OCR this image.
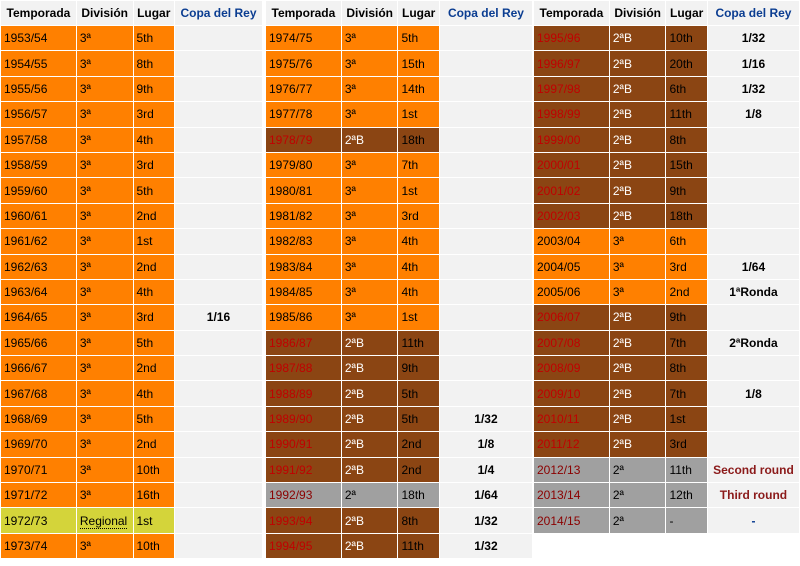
Temporada	División	Lugar	Copa del Rey
1953/54	3ª	5th	
1954/55	3ª	8th	
1955/56	3ª	9th	
1956/57	3ª	3rd	
1957/58	3ª	4th	
1958/59	3ª	3rd	
1959/60	3ª	5th	
1960/61	3ª	2nd	
1961/62	3ª	1st	
1962/63	3ª	2nd	
1963/64	3ª	4th	
1964/65	3ª	3rd	1/16
1965/66	3ª	5th	
1966/67	3ª	2nd	
1967/68	3ª	4th	
1968/69	3ª	5th	
1969/70	3ª	2nd	
1970/71	3ª	10th	
1971/72	3ª	16th	
1972/73	Regional	1st	
1973/74	3ª	10th	
Temporada	División	Lugar	Copa del Rey
1974/75	3ª	5th	
1975/76	3ª	15th	
1976/77	3ª	14th	
1977/78	3ª	1st	
1978/79	2ªB	18th	
1979/80	3ª	7th	
1980/81	3ª	1st	
1981/82	3ª	3rd	
1982/83	3ª	4th	
1983/84	3ª	4th	
1984/85	3ª	4th	
1985/86	3ª	1st	
1986/87	2ªB	11th	
1987/88	2ªB	9th	
1988/89	2ªB	5th	
1989/90	2ªB	5th	1/32
1990/91	2ªB	2nd	1/8
1991/92	2ªB	2nd	1/4
1992/93	2ª	18th	1/64
1993/94	2ªB	8th	1/32
1994/95	2ªB	11th	1/32
Temporada	División	Lugar	Copa del Rey
1995/96	2ªB	10th	1/32
1996/97	2ªB	20th	1/16
1997/98	2ªB	6th	1/32
1998/99	2ªB	11th	1/8
1999/00	2ªB	8th	
2000/01	2ªB	15th	
2001/02	2ªB	9th	
2002/03	2ªB	18th	
2003/04	3ª	6th	
2004/05	3ª	3rd	1/64
2005/06	3ª	2nd	1ªRonda
2006/07	2ªB	9th	
2007/08	2ªB	7th	2ªRonda
2008/09	2ªB	8th	
2009/10	2ªB	7th	1/8
2010/11	2ªB	1st	
2011/12	2ªB	3rd	
2012/13	2ª	11th	Second round
2013/14	2ª	12th	Third round
2014/15	2ª	-	-
